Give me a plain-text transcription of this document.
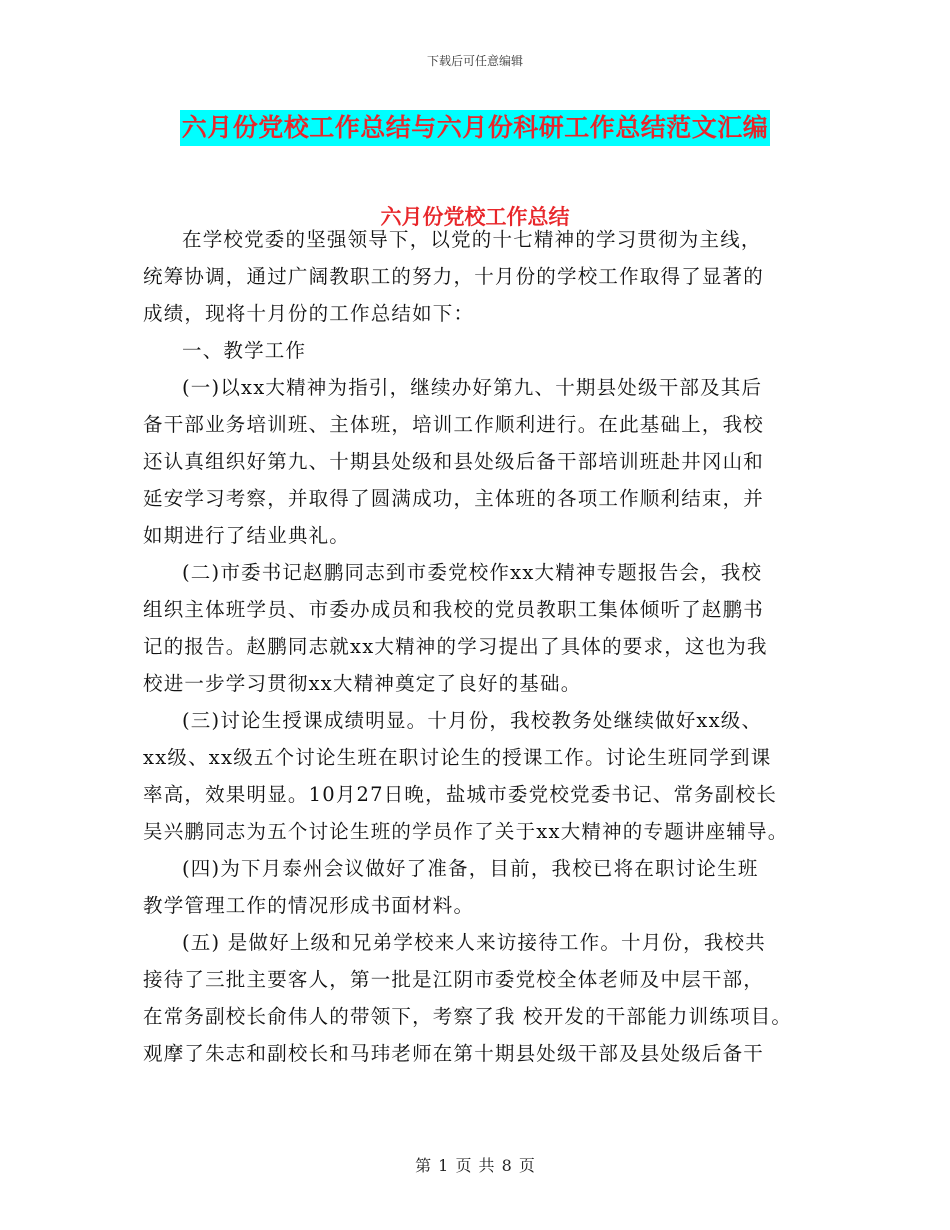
下载后可任意编辑
六月份党校工作总结与六月份科研工作总结范文汇编
六月份党校工作总结

在学校党委的坚强领导下，以党的十七精神的学习贯彻为主线，

统筹协调，通过广阔教职工的努力，十月份的学校工作取得了显著的

成绩，现将十月份的工作总结如下：

一、教学工作

(一)以xx大精神为指引，继续办好第九、十期县处级干部及其后

备干部业务培训班、主体班，培训工作顺利进行。在此基础上，我校

还认真组织好第九、十期县处级和县处级后备干部培训班赴井冈山和

延安学习考察，并取得了圆满成功，主体班的各项工作顺利结束，并

如期进行了结业典礼。

(二)市委书记赵鹏同志到市委党校作xx大精神专题报告会，我校

组织主体班学员、市委办成员和我校的党员教职工集体倾听了赵鹏书

记的报告。赵鹏同志就xx大精神的学习提出了具体的要求，这也为我

校进一步学习贯彻xx大精神奠定了良好的基础。

(三)讨论生授课成绩明显。十月份，我校教务处继续做好xx级、

xx级、xx级五个讨论生班在职讨论生的授课工作。讨论生班同学到课

率高，效果明显。10月27日晚，盐城市委党校党委书记、常务副校长

吴兴鹏同志为五个讨论生班的学员作了关于xx大精神的专题讲座辅导。

(四)为下月泰州会议做好了准备，目前，我校已将在职讨论生班

教学管理工作的情况形成书面材料。

(五) 是做好上级和兄弟学校来人来访接待工作。十月份，我校共

接待了三批主要客人，第一批是江阴市委党校全体老师及中层干部，

在常务副校长俞伟人的带领下，考察了我 校开发的干部能力训练项目。

观摩了朱志和副校长和马玮老师在第十期县处级干部及县处级后备干

第 1 页 共 8 页
